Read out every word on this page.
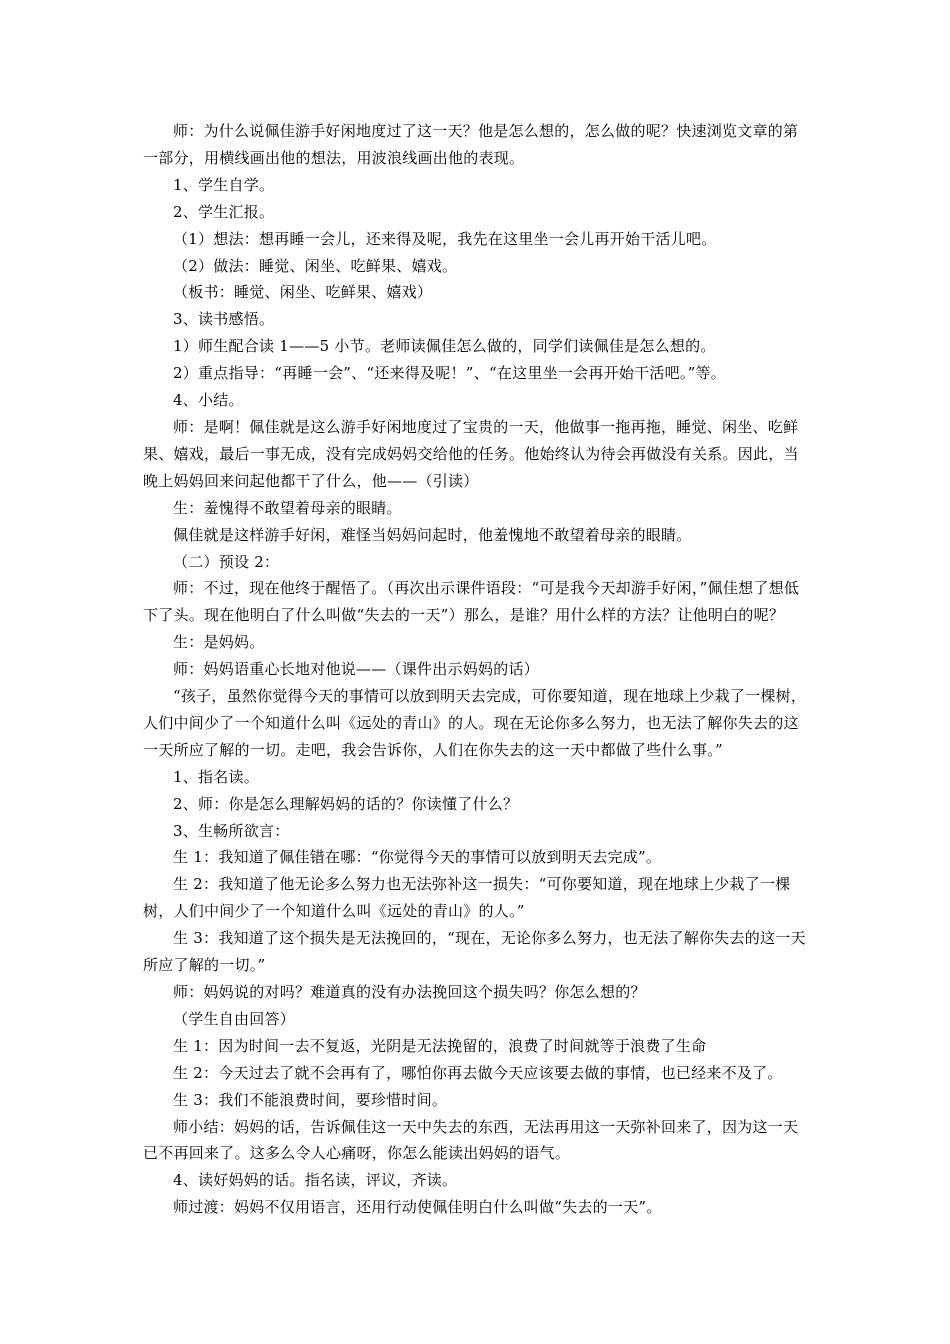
师：为什么说佩佳游手好闲地度过了这一天？他是怎么想的，怎么做的呢？快速浏览文章的第一部分，用横线画出他的想法，用波浪线画出他的表现。

1、学生自学。

2、学生汇报。

（1）想法：想再睡一会儿，还来得及呢，我先在这里坐一会儿再开始干活儿吧。

（2）做法：睡觉、闲坐、吃鲜果、嬉戏。

（板书：睡觉、闲坐、吃鲜果、嬉戏）

3、读书感悟。

1）师生配合读 1——5 小节。老师读佩佳怎么做的，同学们读佩佳是怎么想的。

2）重点指导：“再睡一会”、“还来得及呢！”、“在这里坐一会再开始干活吧。”等。

4、小结。

师：是啊！佩佳就是这么游手好闲地度过了宝贵的一天，他做事一拖再拖，睡觉、闲坐、吃鲜果、嬉戏，最后一事无成，没有完成妈妈交给他的任务。他始终认为待会再做没有关系。因此，当晚上妈妈回来问起他都干了什么，他——（引读）

生：羞愧得不敢望着母亲的眼睛。

佩佳就是这样游手好闲，难怪当妈妈问起时，他羞愧地不敢望着母亲的眼睛。

（二）预设 2：

师：不过，现在他终于醒悟了。（再次出示课件语段：“可是我今天却游手好闲，”佩佳想了想低下了头。现在他明白了什么叫做“失去的一天”）那么，是谁？用什么样的方法？让他明白的呢？

生：是妈妈。

师：妈妈语重心长地对他说——（课件出示妈妈的话）

“孩子，虽然你觉得今天的事情可以放到明天去完成，可你要知道，现在地球上少栽了一棵树，人们中间少了一个知道什么叫《远处的青山》的人。现在无论你多么努力，也无法了解你失去的这一天所应了解的一切。走吧，我会告诉你，人们在你失去的这一天中都做了些什么事。”

1、指名读。

2、师：你是怎么理解妈妈的话的？你读懂了什么？

3、生畅所欲言：

生 1：我知道了佩佳错在哪：“你觉得今天的事情可以放到明天去完成”。

生 2：我知道了他无论多么努力也无法弥补这一损失：“可你要知道，现在地球上少栽了一棵树，人们中间少了一个知道什么叫《远处的青山》的人。”

生 3：我知道了这个损失是无法挽回的，“现在，无论你多么努力，也无法了解你失去的这一天所应了解的一切。”

师：妈妈说的对吗？难道真的没有办法挽回这个损失吗？你怎么想的？

（学生自由回答）

生 1：因为时间一去不复返，光阴是无法挽留的，浪费了时间就等于浪费了生命

生 2：今天过去了就不会再有了，哪怕你再去做今天应该要去做的事情，也已经来不及了。

生 3：我们不能浪费时间，要珍惜时间。

师小结：妈妈的话，告诉佩佳这一天中失去的东西，无法再用这一天弥补回来了，因为这一天已不再回来了。这多么令人心痛呀，你怎么能读出妈妈的语气。

4、读好妈妈的话。指名读，评议，齐读。

师过渡：妈妈不仅用语言，还用行动使佩佳明白什么叫做“失去的一天”。
